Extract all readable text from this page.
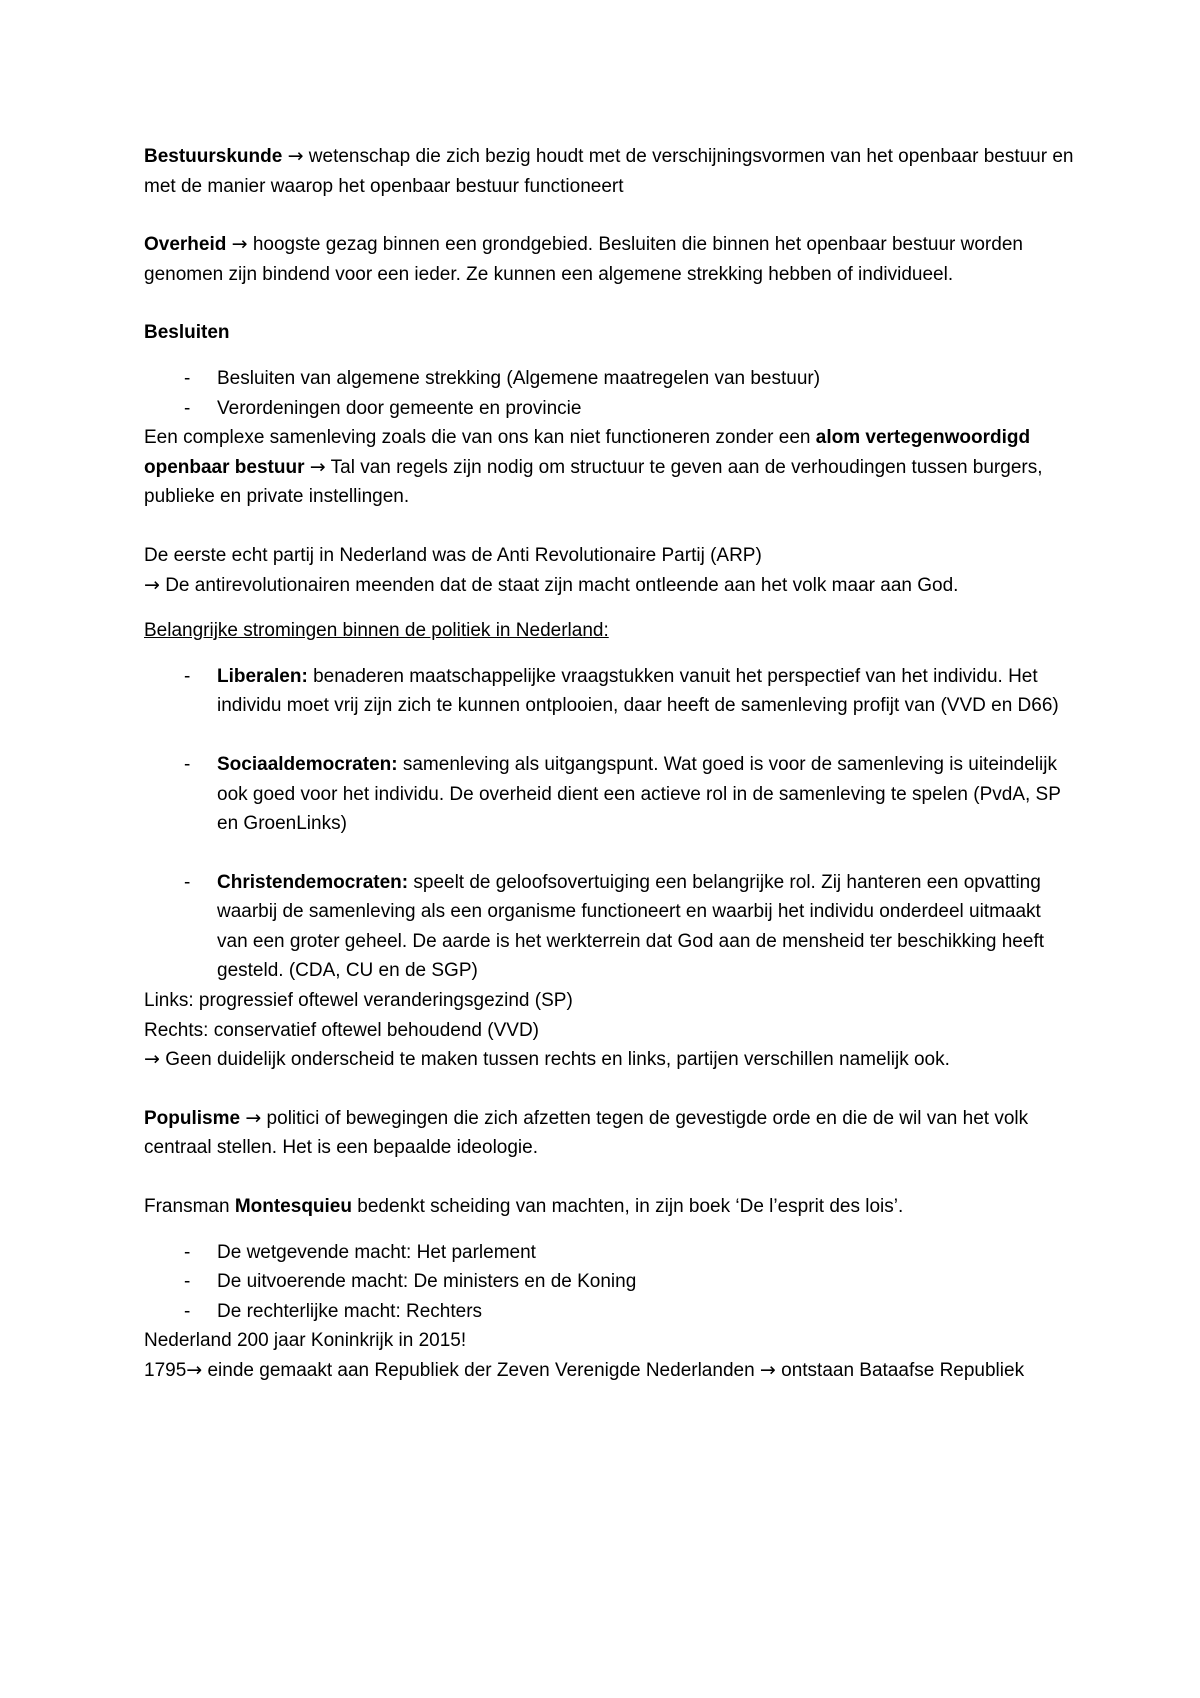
Bestuurskunde → wetenschap die zich bezig houdt met de verschijningsvormen van het openbaar bestuur en met de manier waarop het openbaar bestuur functioneert

Overheid → hoogste gezag binnen een grondgebied. Besluiten die binnen het openbaar bestuur worden genomen zijn bindend voor een ieder. Ze kunnen een algemene strekking hebben of individueel.

Besluiten

- Besluiten van algemene strekking (Algemene maatregelen van bestuur)
- Verordeningen door gemeente en provincie

Een complexe samenleving zoals die van ons kan niet functioneren zonder een alom vertegenwoordigd openbaar bestuur → Tal van regels zijn nodig om structuur te geven aan de verhoudingen tussen burgers, publieke en private instellingen.

De eerste echt partij in Nederland was de Anti Revolutionaire Partij (ARP)
→ De antirevolutionairen meenden dat de staat zijn macht ontleende aan het volk maar aan God.

Belangrijke stromingen binnen de politiek in Nederland:

- Liberalen: benaderen maatschappelijke vraagstukken vanuit het perspectief van het individu. Het individu moet vrij zijn zich te kunnen ontplooien, daar heeft de samenleving profijt van (VVD en D66)
- Sociaaldemocraten: samenleving als uitgangspunt. Wat goed is voor de samenleving is uiteindelijk ook goed voor het individu. De overheid dient een actieve rol in de samenleving te spelen (PvdA, SP en GroenLinks)
- Christendemocraten: speelt de geloofsovertuiging een belangrijke rol. Zij hanteren een opvatting waarbij de samenleving als een organisme functioneert en waarbij het individu onderdeel uitmaakt van een groter geheel. De aarde is het werkterrein dat God aan de mensheid ter beschikking heeft gesteld. (CDA, CU en de SGP)

Links: progressief oftewel veranderingsgezind (SP)
Rechts: conservatief oftewel behoudend (VVD)
→ Geen duidelijk onderscheid te maken tussen rechts en links, partijen verschillen namelijk ook.

Populisme → politici of bewegingen die zich afzetten tegen de gevestigde orde en die de wil van het volk centraal stellen. Het is een bepaalde ideologie.

Fransman Montesquieu bedenkt scheiding van machten, in zijn boek ‘De l’esprit des lois’.

- De wetgevende macht: Het parlement
- De uitvoerende macht: De ministers en de Koning
- De rechterlijke macht: Rechters

Nederland 200 jaar Koninkrijk in 2015!
1795→ einde gemaakt aan Republiek der Zeven Verenigde Nederlanden → ontstaan Bataafse Republiek
